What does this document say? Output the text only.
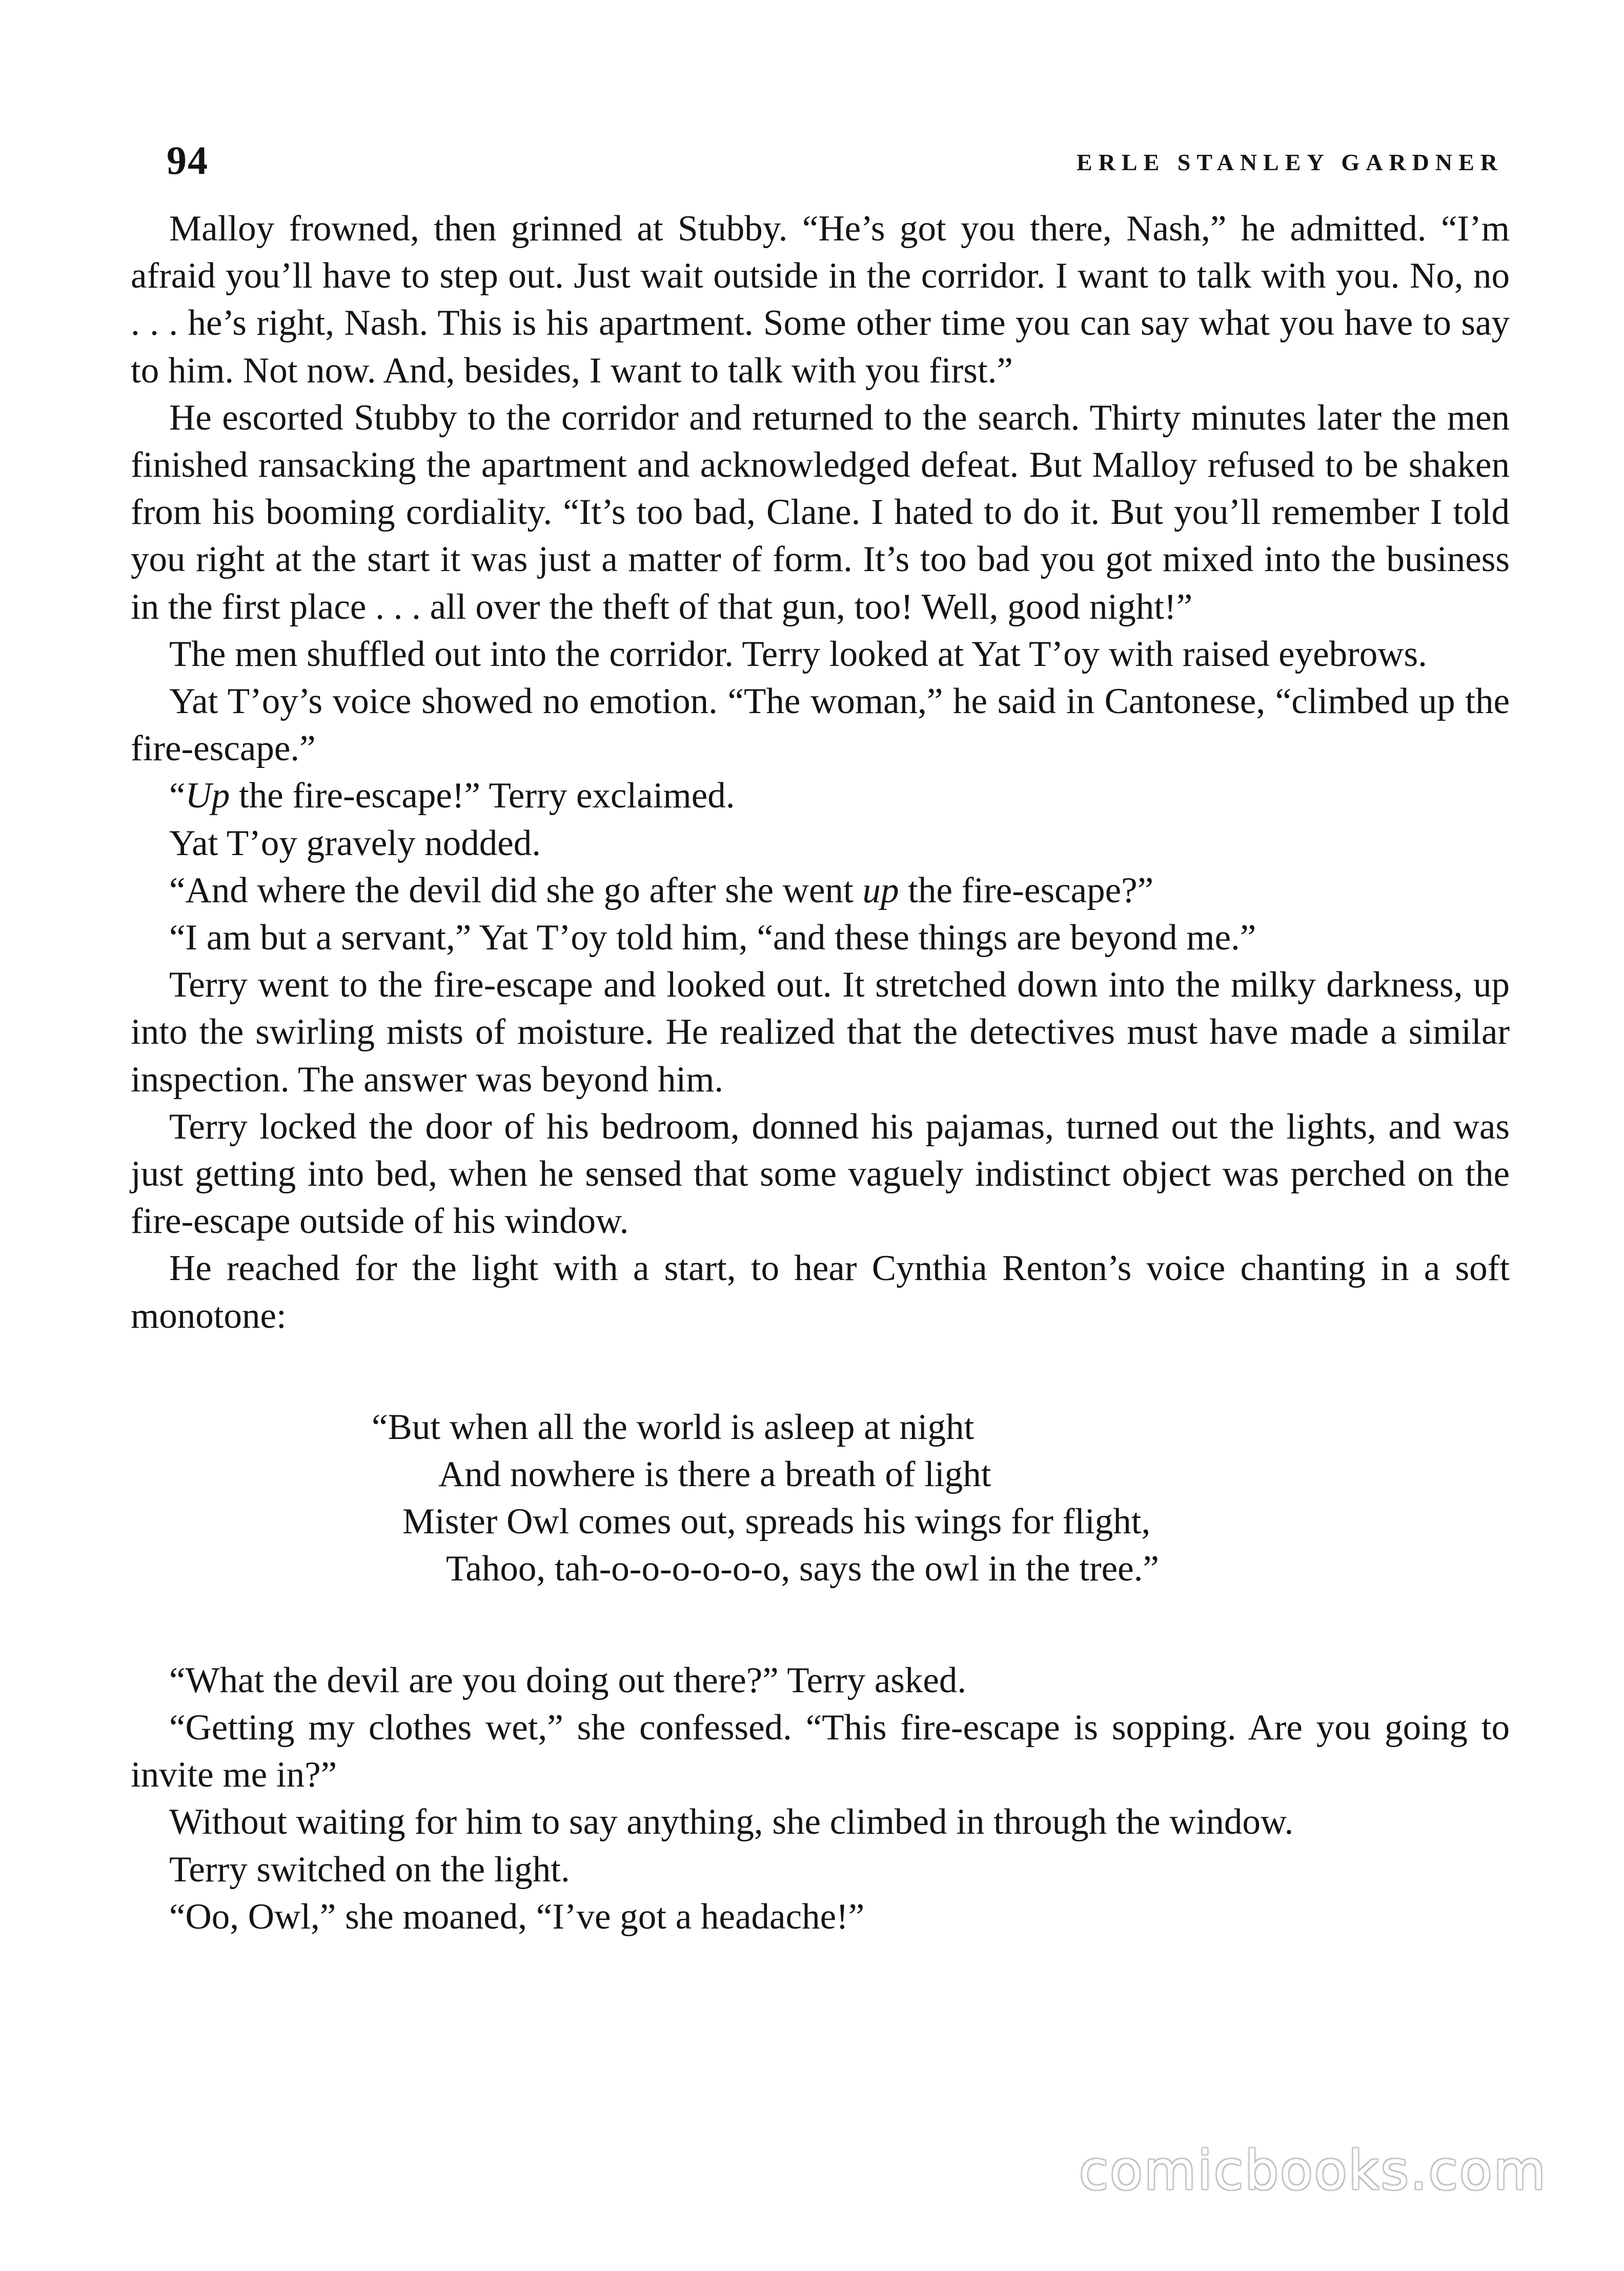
94	ERLE STANLEY GARDNER

Malloy frowned, then grinned at Stubby. “He’s got you there, Nash,” he admitted. “I’m afraid you’ll have to step out. Just wait outside in the corridor. I want to talk with you. No, no . . . he’s right, Nash. This is his apartment. Some other time you can say what you have to say to him. Not now. And, besides, I want to talk with you first.”

He escorted Stubby to the corridor and returned to the search. Thirty minutes later the men finished ransacking the apartment and acknowledged defeat. But Malloy refused to be shaken from his booming cordiality. “It’s too bad, Clane. I hated to do it. But you’ll remember I told you right at the start it was just a matter of form. It’s too bad you got mixed into the business in the first place . . . all over the theft of that gun, too! Well, good night!”

The men shuffled out into the corridor. Terry looked at Yat T’oy with raised eyebrows.

Yat T’oy’s voice showed no emotion. “The woman,” he said in Cantonese, “climbed up the fire-escape.”

“Up the fire-escape!” Terry exclaimed.

Yat T’oy gravely nodded.

“And where the devil did she go after she went up the fire-escape?”

“I am but a servant,” Yat T’oy told him, “and these things are beyond me.”

Terry went to the fire-escape and looked out. It stretched down into the milky darkness, up into the swirling mists of moisture. He realized that the detectives must have made a similar inspection. The answer was beyond him.

Terry locked the door of his bedroom, donned his pajamas, turned out the lights, and was just getting into bed, when he sensed that some vaguely indistinct object was perched on the fire-escape outside of his window.

He reached for the light with a start, to hear Cynthia Renton’s voice chanting in a soft monotone:

“But when all the world is asleep at night
And nowhere is there a breath of light
Mister Owl comes out, spreads his wings for flight,
Tahoo, tah-o-o-o-o-o-o, says the owl in the tree.”

“What the devil are you doing out there?” Terry asked.

“Getting my clothes wet,” she confessed. “This fire-escape is sopping. Are you going to invite me in?”

Without waiting for him to say anything, she climbed in through the window.

Terry switched on the light.

“Oo, Owl,” she moaned, “I’ve got a headache!”

comicbooks.com
